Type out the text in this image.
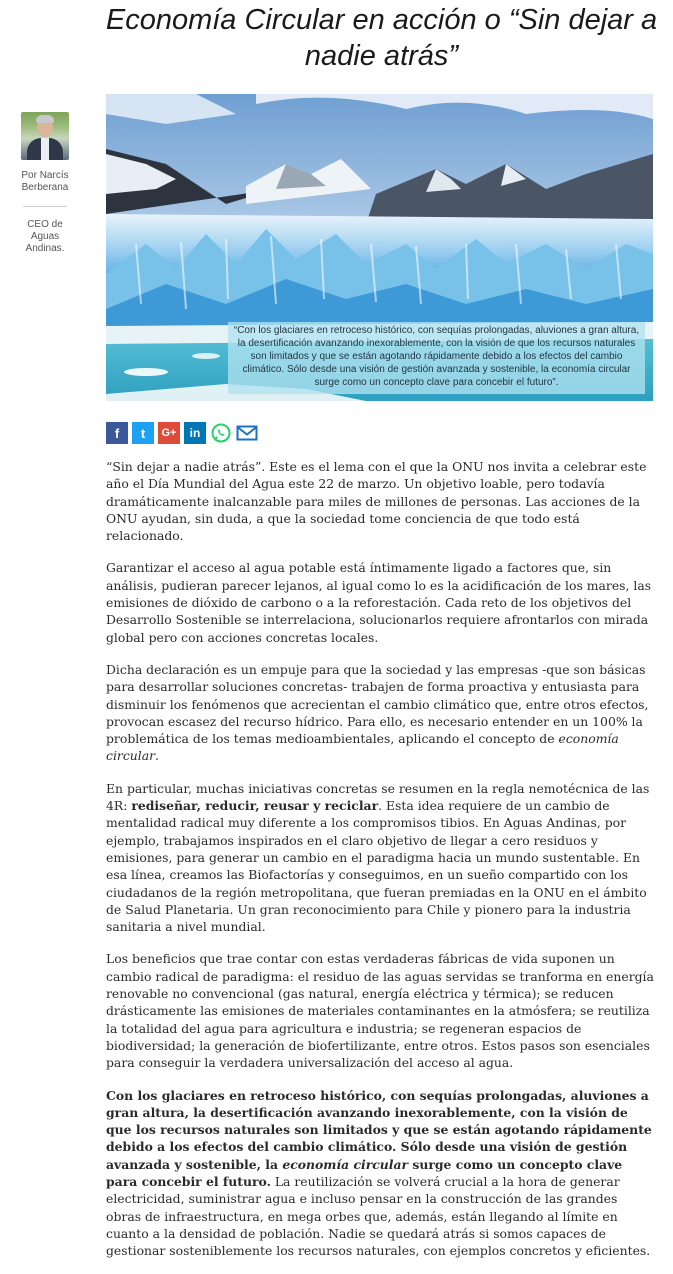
Economía Circular en acción o “Sin dejar a nadie atrás”
Por Narcís Berberana
CEO de Aguas Andinas.
“Con los glaciares en retroceso histórico, con sequías prolongadas, aluviones a gran altura, la desertificación avanzando inexorablemente, con la visión de que los recursos naturales son limitados y que se están agotando rápidamente debido a los efectos del cambio climático. Sólo desde una visión de gestión avanzada y sostenible, la economía circular surge como un concepto clave para concebir el futuro”.
f	t	G+	in

“Sin dejar a nadie atrás”. Este es el lema con el que la ONU nos invita a celebrar este año el Día Mundial del Agua este 22 de marzo. Un objetivo loable, pero todavía dramáticamente inalcanzable para miles de millones de personas. Las acciones de la ONU ayudan, sin duda, a que la sociedad tome conciencia de que todo está relacionado.

Garantizar el acceso al agua potable está íntimamente ligado a factores que, sin análisis, pudieran parecer lejanos, al igual como lo es la acidificación de los mares, las emisiones de dióxido de carbono o a la reforestación. Cada reto de los objetivos del Desarrollo Sostenible se interrelaciona, solucionarlos requiere afrontarlos con mirada global pero con acciones concretas locales.

Dicha declaración es un empuje para que la sociedad y las empresas -que son básicas para desarrollar soluciones concretas- trabajen de forma proactiva y entusiasta para disminuir los fenómenos que acrecientan el cambio climático que, entre otros efectos, provocan escasez del recurso hídrico. Para ello, es necesario entender en un 100% la problemática de los temas medioambientales, aplicando el concepto de economía circular.

En particular, muchas iniciativas concretas se resumen en la regla nemotécnica de las 4R: rediseñar, reducir, reusar y reciclar. Esta idea requiere de un cambio de mentalidad radical muy diferente a los compromisos tibios. En Aguas Andinas, por ejemplo, trabajamos inspirados en el claro objetivo de llegar a cero residuos y emisiones, para generar un cambio en el paradigma hacia un mundo sustentable. En esa línea, creamos las Biofactorías y conseguimos, en un sueño compartido con los ciudadanos de la región metropolitana, que fueran premiadas en la ONU en el ámbito de Salud Planetaria. Un gran reconocimiento para Chile y pionero para la industria sanitaria a nivel mundial.

Los beneficios que trae contar con estas verdaderas fábricas de vida suponen un cambio radical de paradigma: el residuo de las aguas servidas se tranforma en energía renovable no convencional (gas natural, energía eléctrica y térmica); se reducen drásticamente las emisiones de materiales contaminantes en la atmósfera; se reutiliza la totalidad del agua para agricultura e industria; se regeneran espacios de biodiversidad; la generación de biofertilizante, entre otros. Estos pasos son esenciales para conseguir la verdadera universalización del acceso al agua.

Con los glaciares en retroceso histórico, con sequías prolongadas, aluviones a gran altura, la desertificación avanzando inexorablemente, con la visión de que los recursos naturales son limitados y que se están agotando rápidamente debido a los efectos del cambio climático. Sólo desde una visión de gestión avanzada y sostenible, la economía circular surge como un concepto clave para concebir el futuro. La reutilización se volverá crucial a la hora de generar electricidad, suministrar agua e incluso pensar en la construcción de las grandes obras de infraestructura, en mega orbes que, además, están llegando al límite en cuanto a la densidad de población. Nadie se quedará atrás si somos capaces de gestionar sosteniblemente los recursos naturales, con ejemplos concretos y eficientes.
